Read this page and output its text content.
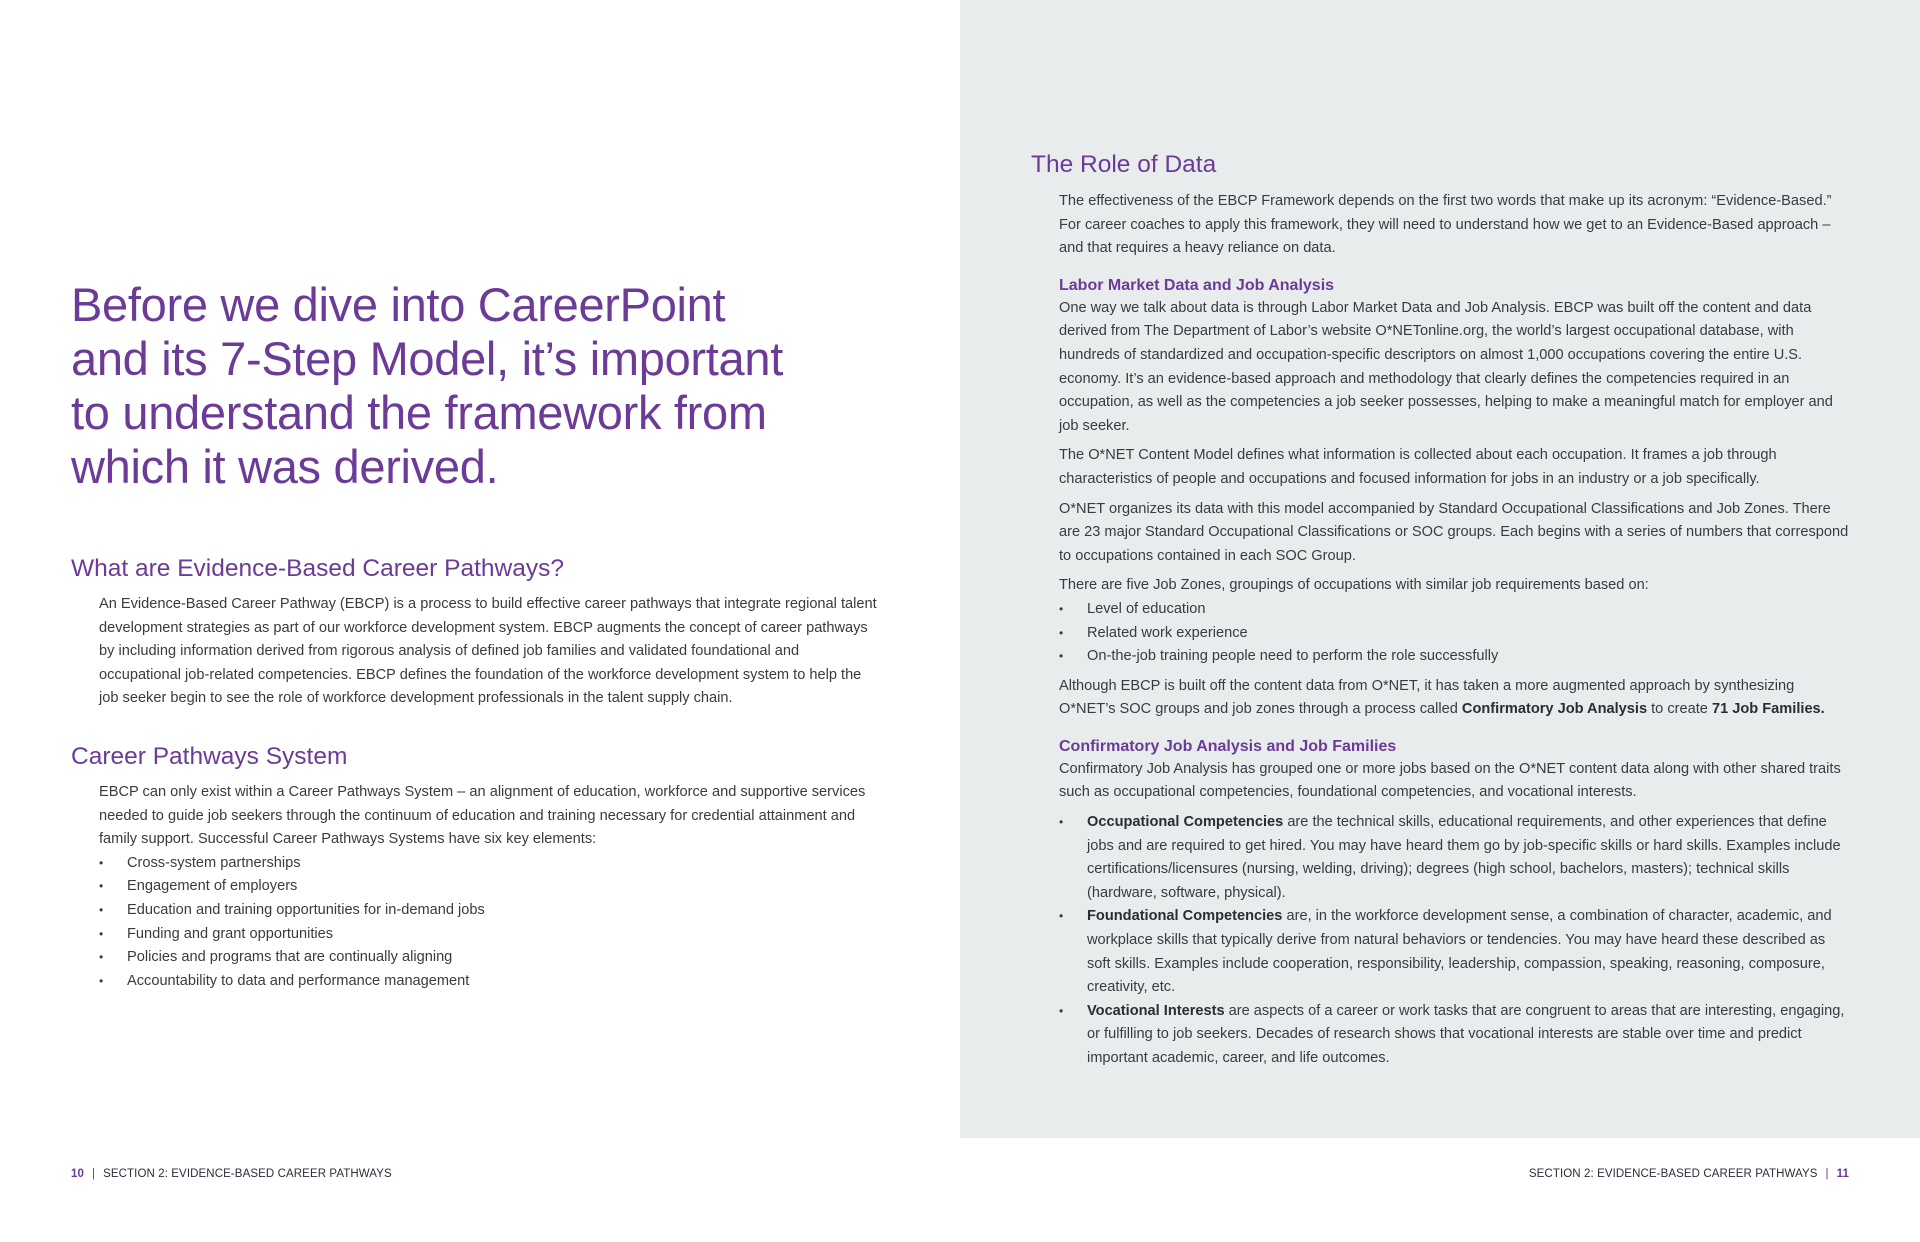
Before we dive into CareerPoint and its 7-Step Model, it’s important to understand the framework from which it was derived.
What are Evidence-Based Career Pathways?

An Evidence-Based Career Pathway (EBCP) is a process to build effective career pathways that integrate regional talent development strategies as part of our workforce development system. EBCP augments the concept of career pathways by including information derived from rigorous analysis of defined job families and validated foundational and occupational job-related competencies. EBCP defines the foundation of the workforce development system to help the job seeker begin to see the role of workforce development professionals in the talent supply chain.

Career Pathways System

EBCP can only exist within a Career Pathways System – an alignment of education, workforce and supportive services needed to guide job seekers through the continuum of education and training necessary for credential attainment and family support. Successful Career Pathways Systems have six key elements:

• Cross-system partnerships
• Engagement of employers
• Education and training opportunities for in-demand jobs
• Funding and grant opportunities
• Policies and programs that are continually aligning
• Accountability to data and performance management
The Role of Data

The effectiveness of the EBCP Framework depends on the first two words that make up its acronym: “Evidence-Based.” For career coaches to apply this framework, they will need to understand how we get to an Evidence-Based approach – and that requires a heavy reliance on data.

Labor Market Data and Job Analysis

One way we talk about data is through Labor Market Data and Job Analysis. EBCP was built off the content and data derived from The Department of Labor’s website O*NETonline.org, the world’s largest occupational database, with hundreds of standardized and occupation-specific descriptors on almost 1,000 occupations covering the entire U.S. economy. It’s an evidence-based approach and methodology that clearly defines the competencies required in an occupation, as well as the competencies a job seeker possesses, helping to make a meaningful match for employer and job seeker.

The O*NET Content Model defines what information is collected about each occupation. It frames a job through characteristics of people and occupations and focused information for jobs in an industry or a job specifically.

O*NET organizes its data with this model accompanied by Standard Occupational Classifications and Job Zones. There are 23 major Standard Occupational Classifications or SOC groups. Each begins with a series of numbers that correspond to occupations contained in each SOC Group.

There are five Job Zones, groupings of occupations with similar job requirements based on:

• Level of education
• Related work experience
• On-the-job training people need to perform the role successfully

Although EBCP is built off the content data from O*NET, it has taken a more augmented approach by synthesizing O*NET’s SOC groups and job zones through a process called Confirmatory Job Analysis to create 71 Job Families.

Confirmatory Job Analysis and Job Families

Confirmatory Job Analysis has grouped one or more jobs based on the O*NET content data along with other shared traits such as occupational competencies, foundational competencies, and vocational interests.

• Occupational Competencies are the technical skills, educational requirements, and other experiences that define jobs and are required to get hired. You may have heard them go by job-specific skills or hard skills. Examples include certifications/licensures (nursing, welding, driving); degrees (high school, bachelors, masters); technical skills (hardware, software, physical).
• Foundational Competencies are, in the workforce development sense, a combination of character, academic, and workplace skills that typically derive from natural behaviors or tendencies. You may have heard these described as soft skills. Examples include cooperation, responsibility, leadership, compassion, speaking, reasoning, composure, creativity, etc.
• Vocational Interests are aspects of a career or work tasks that are congruent to areas that are interesting, engaging, or fulfilling to job seekers. Decades of research shows that vocational interests are stable over time and predict important academic, career, and life outcomes.
10 | SECTION 2: EVIDENCE-BASED CAREER PATHWAYS	SECTION 2: EVIDENCE-BASED CAREER PATHWAYS | 11
